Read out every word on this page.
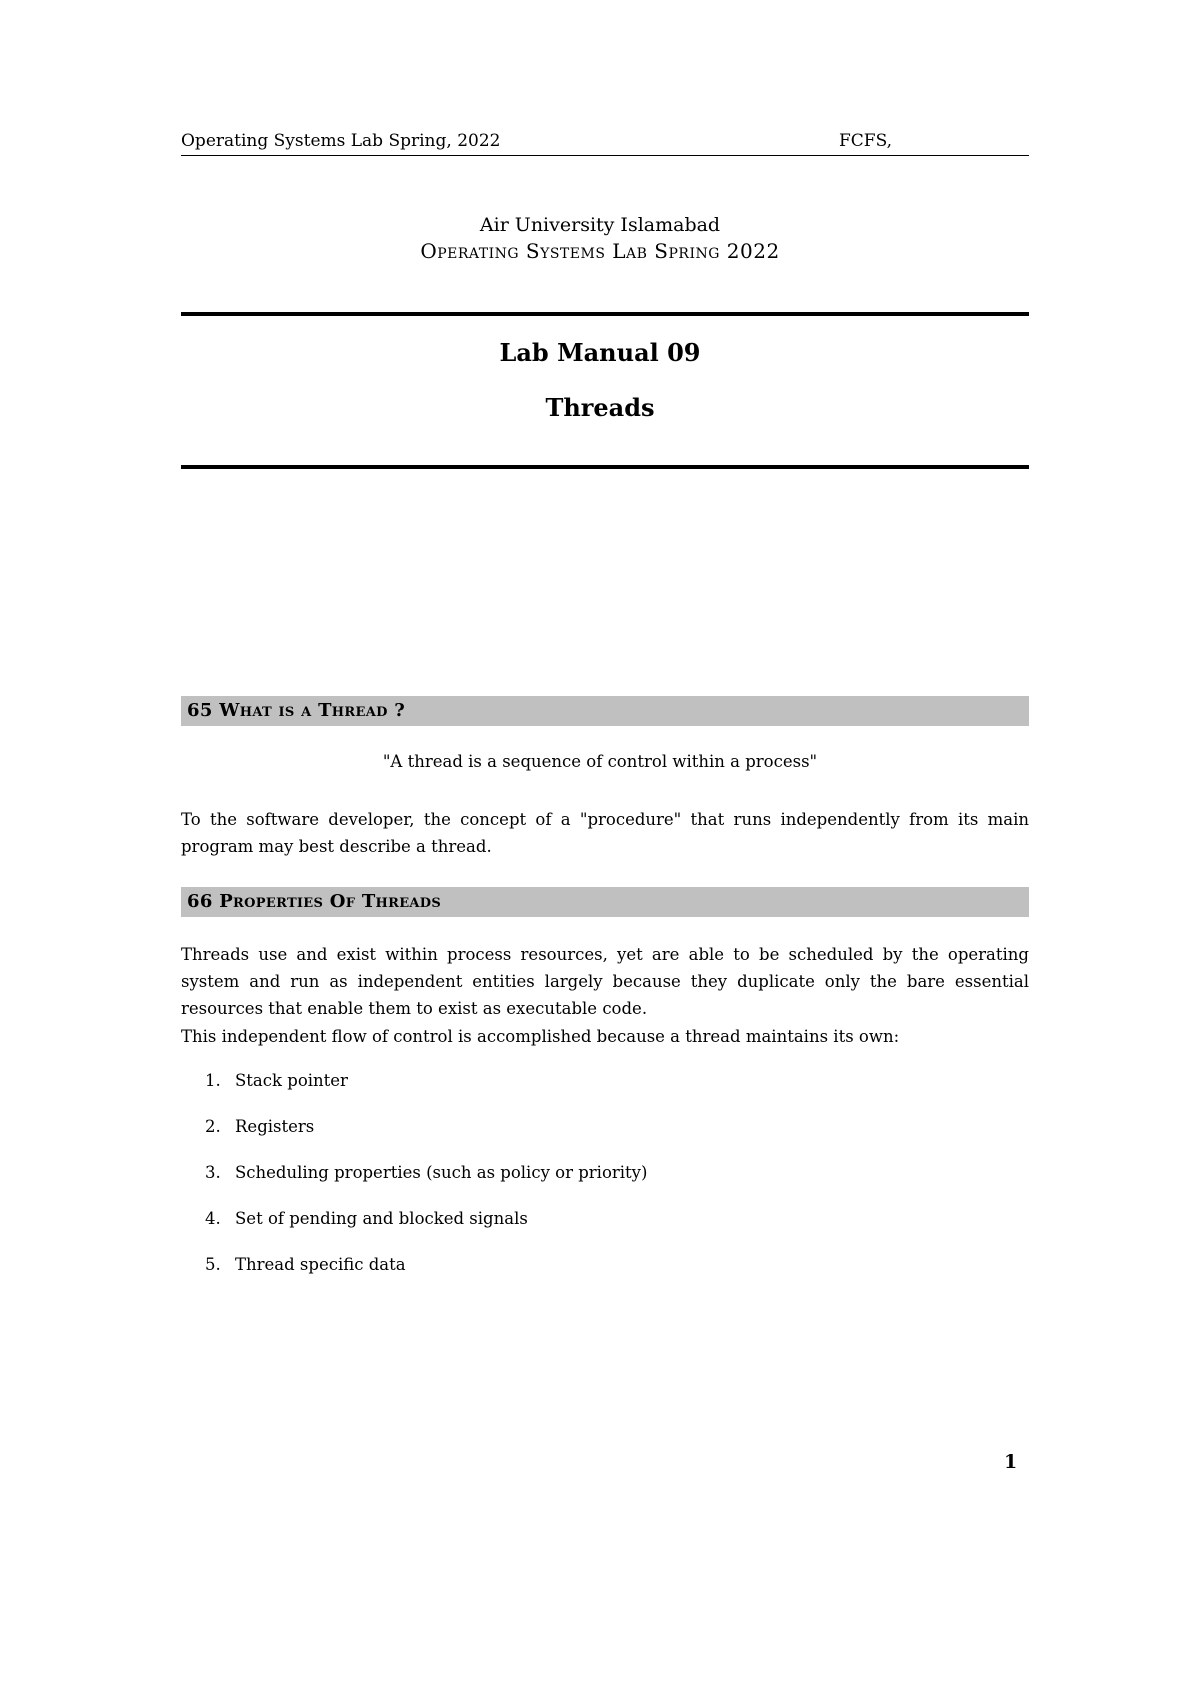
Operating Systems Lab Spring, 2022	FCFS,
Air University Islamabad
Operating Systems Lab Spring 2022
Lab Manual 09
Threads
65 What is a Thread ?
"A thread is a sequence of control within a process"
To the software developer, the concept of a "procedure" that runs independently from its main program may best describe a thread.
66 Properties Of Threads
Threads use and exist within process resources, yet are able to be scheduled by the operating system and run as independent entities largely because they duplicate only the bare essential resources that enable them to exist as executable code.
This independent flow of control is accomplished because a thread maintains its own:
1. Stack pointer
2. Registers
3. Scheduling properties (such as policy or priority)
4. Set of pending and blocked signals
5. Thread specific data
1
